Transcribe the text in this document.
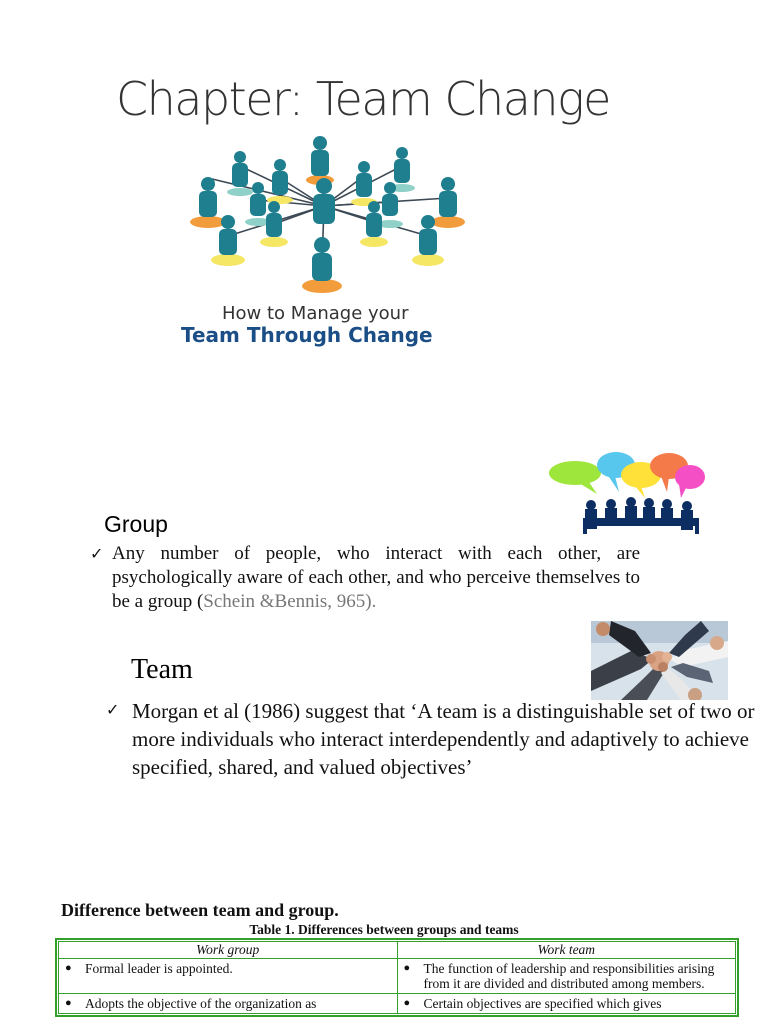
Chapter: Team Change
How to Manage your
Team Through Change
Group
✓ Any number of people, who interact with each other, are psychologically aware of each other, and who perceive themselves to be a group (Schein &Bennis, 965).
Team
✓ Morgan et al (1986) suggest that ‘A team is a distinguishable set of two or more individuals who interact interdependently and adaptively to achieve specified, shared, and valued objectives’
Difference between team and group.
Table 1. Differences between groups and teams
Work group	Work team

● Formal leader is appointed.	● The function of leadership and responsibilities arising from it are divided and distributed among members.

● Adopts the objective of the organization as	● Certain objectives are specified which gives
